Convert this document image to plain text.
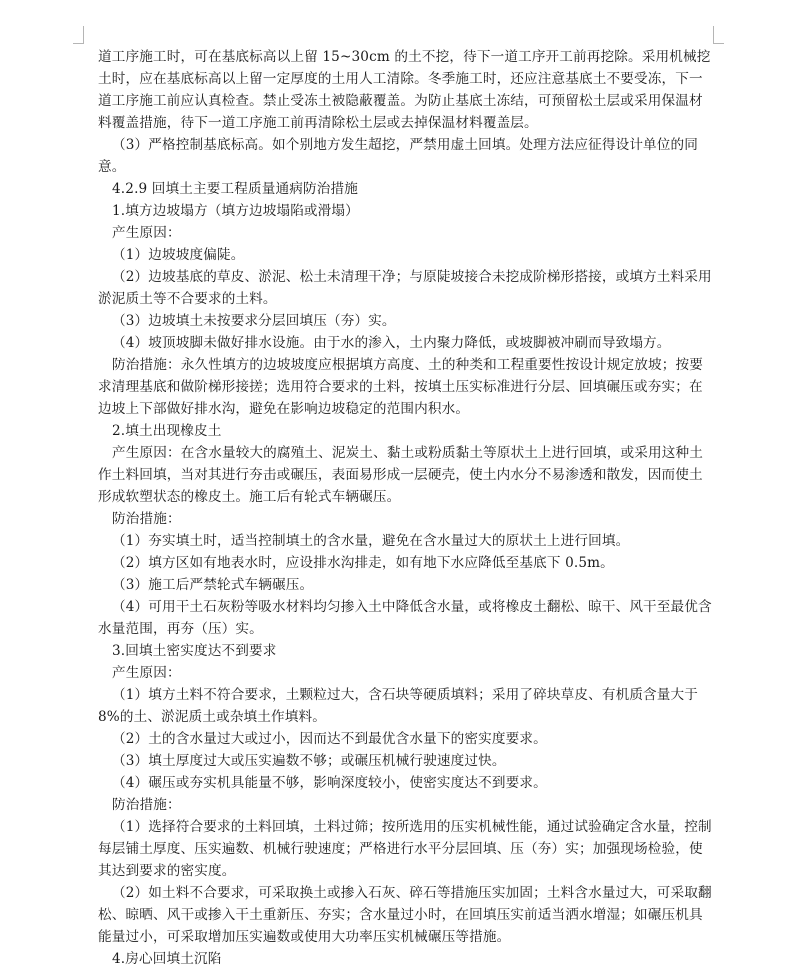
道工序施工时，可在基底标高以上留 15~30cm 的土不挖，待下一道工序开工前再挖除。采用机械挖土时，应在基底标高以上留一定厚度的土用人工清除。冬季施工时，还应注意基底土不要受冻，下一道工序施工前应认真检查。禁止受冻土被隐蔽覆盖。为防止基底土冻结，可预留松土层或采用保温材料覆盖措施，待下一道工序施工前再清除松土层或去掉保温材料覆盖层。

（3）严格控制基底标高。如个别地方发生超挖，严禁用虚土回填。处理方法应征得设计单位的同意。

4.2.9 回填土主要工程质量通病防治措施

1.填方边坡塌方（填方边坡塌陷或滑塌）

产生原因：

（1）边坡坡度偏陡。

（2）边坡基底的草皮、淤泥、松土未清理干净；与原陡坡接合未挖成阶梯形搭接，或填方土料采用淤泥质土等不合要求的土料。

（3）边坡填土未按要求分层回填压（夯）实。

（4）坡顶坡脚未做好排水设施。由于水的渗入，土内聚力降低，或坡脚被冲刷而导致塌方。

防治措施：永久性填方的边坡坡度应根据填方高度、土的种类和工程重要性按设计规定放坡；按要求清理基底和做阶梯形接搓；选用符合要求的土料，按填土压实标准进行分层、回填碾压或夯实；在边坡上下部做好排水沟，避免在影响边坡稳定的范围内积水。

2.填土出现橡皮土

产生原因：在含水量较大的腐殖土、泥炭土、黏土或粉质黏土等原状土上进行回填，或采用这种土作土料回填，当对其进行夯击或碾压，表面易形成一层硬壳，使土内水分不易渗透和散发，因而使土形成软塑状态的橡皮土。施工后有轮式车辆碾压。

防治措施：

（1）夯实填土时，适当控制填土的含水量，避免在含水量过大的原状土上进行回填。

（2）填方区如有地表水时，应设排水沟排走，如有地下水应降低至基底下 0.5m。

（3）施工后严禁轮式车辆碾压。

（4）可用干土石灰粉等吸水材料均匀掺入土中降低含水量，或将橡皮土翻松、晾干、风干至最优含水量范围，再夯（压）实。

3.回填土密实度达不到要求

产生原因：

（1）填方土料不符合要求，土颗粒过大，含石块等硬质填料；采用了碎块草皮、有机质含量大于 8%的土、淤泥质土或杂填土作填料。

（2）土的含水量过大或过小，因而达不到最优含水量下的密实度要求。

（3）填土厚度过大或压实遍数不够；或碾压机械行驶速度过快。

（4）碾压或夯实机具能量不够，影响深度较小，使密实度达不到要求。

防治措施：

（1）选择符合要求的土料回填，土料过筛；按所选用的压实机械性能，通过试验确定含水量，控制每层铺土厚度、压实遍数、机械行驶速度；严格进行水平分层回填、压（夯）实；加强现场检验，使其达到要求的密实度。

（2）如土料不合要求，可采取换土或掺入石灰、碎石等措施压实加固；土料含水量过大，可采取翻松、晾晒、风干或掺入干土重新压、夯实；含水量过小时，在回填压实前适当洒水增湿；如碾压机具能量过小，可采取增加压实遍数或使用大功率压实机械碾压等措施。

4.房心回填土沉陷
